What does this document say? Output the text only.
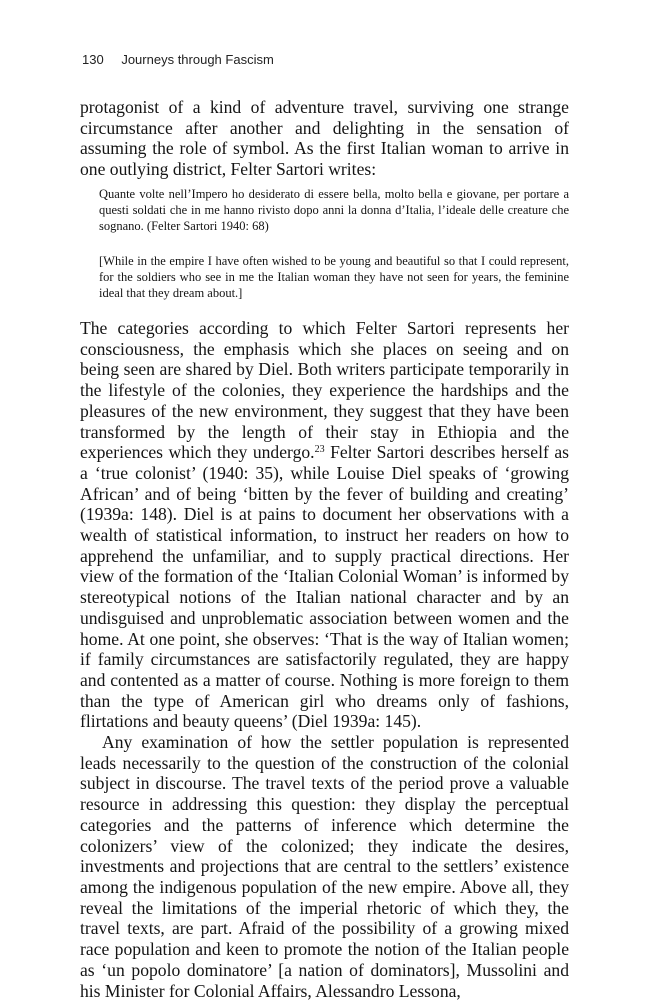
130 Journeys through Fascism

protagonist of a kind of adventure travel, surviving one strange circumstance after another and delighting in the sensation of assuming the role of symbol. As the first Italian woman to arrive in one outlying district, Felter Sartori writes:

Quante volte nell’Impero ho desiderato di essere bella, molto bella e giovane, per portare a questi soldati che in me hanno rivisto dopo anni la donna d’Italia, l’ideale delle creature che sognano. (Felter Sartori 1940: 68)

[While in the empire I have often wished to be young and beautiful so that I could represent, for the soldiers who see in me the Italian woman they have not seen for years, the feminine ideal that they dream about.]

The categories according to which Felter Sartori represents her consciousness, the emphasis which she places on seeing and on being seen are shared by Diel. Both writers participate temporarily in the lifestyle of the colonies, they experience the hardships and the pleasures of the new environment, they suggest that they have been transformed by the length of their stay in Ethiopia and the experiences which they undergo.$^{23}$ Felter Sartori describes herself as a ‘true colonist’ (1940: 35), while Louise Diel speaks of ‘growing African’ and of being ‘bitten by the fever of building and creating’ (1939a: 148). Diel is at pains to document her observations with a wealth of statistical information, to instruct her readers on how to apprehend the unfamiliar, and to supply practical directions. Her view of the formation of the ‘Italian Colonial Woman’ is informed by stereotypical notions of the Italian national character and by an undisguised and unproblematic association between women and the home. At one point, she observes: ‘That is the way of Italian women; if family circumstances are satisfactorily regulated, they are happy and contented as a matter of course. Nothing is more foreign to them than the type of American girl who dreams only of fashions, flirtations and beauty queens’ (Diel 1939a: 145).

Any examination of how the settler population is represented leads necessarily to the question of the construction of the colonial subject in discourse. The travel texts of the period prove a valuable resource in addressing this question: they display the perceptual categories and the patterns of inference which determine the colonizers’ view of the colonized; they indicate the desires, investments and projections that are central to the settlers’ existence among the indigenous population of the new empire. Above all, they reveal the limitations of the imperial rhetoric of which they, the travel texts, are part. Afraid of the possibility of a growing mixed race population and keen to promote the notion of the Italian people as ‘un popolo dominatore’ [a nation of dominators], Mussolini and his Minister for Colonial Affairs, Alessandro Lessona,
